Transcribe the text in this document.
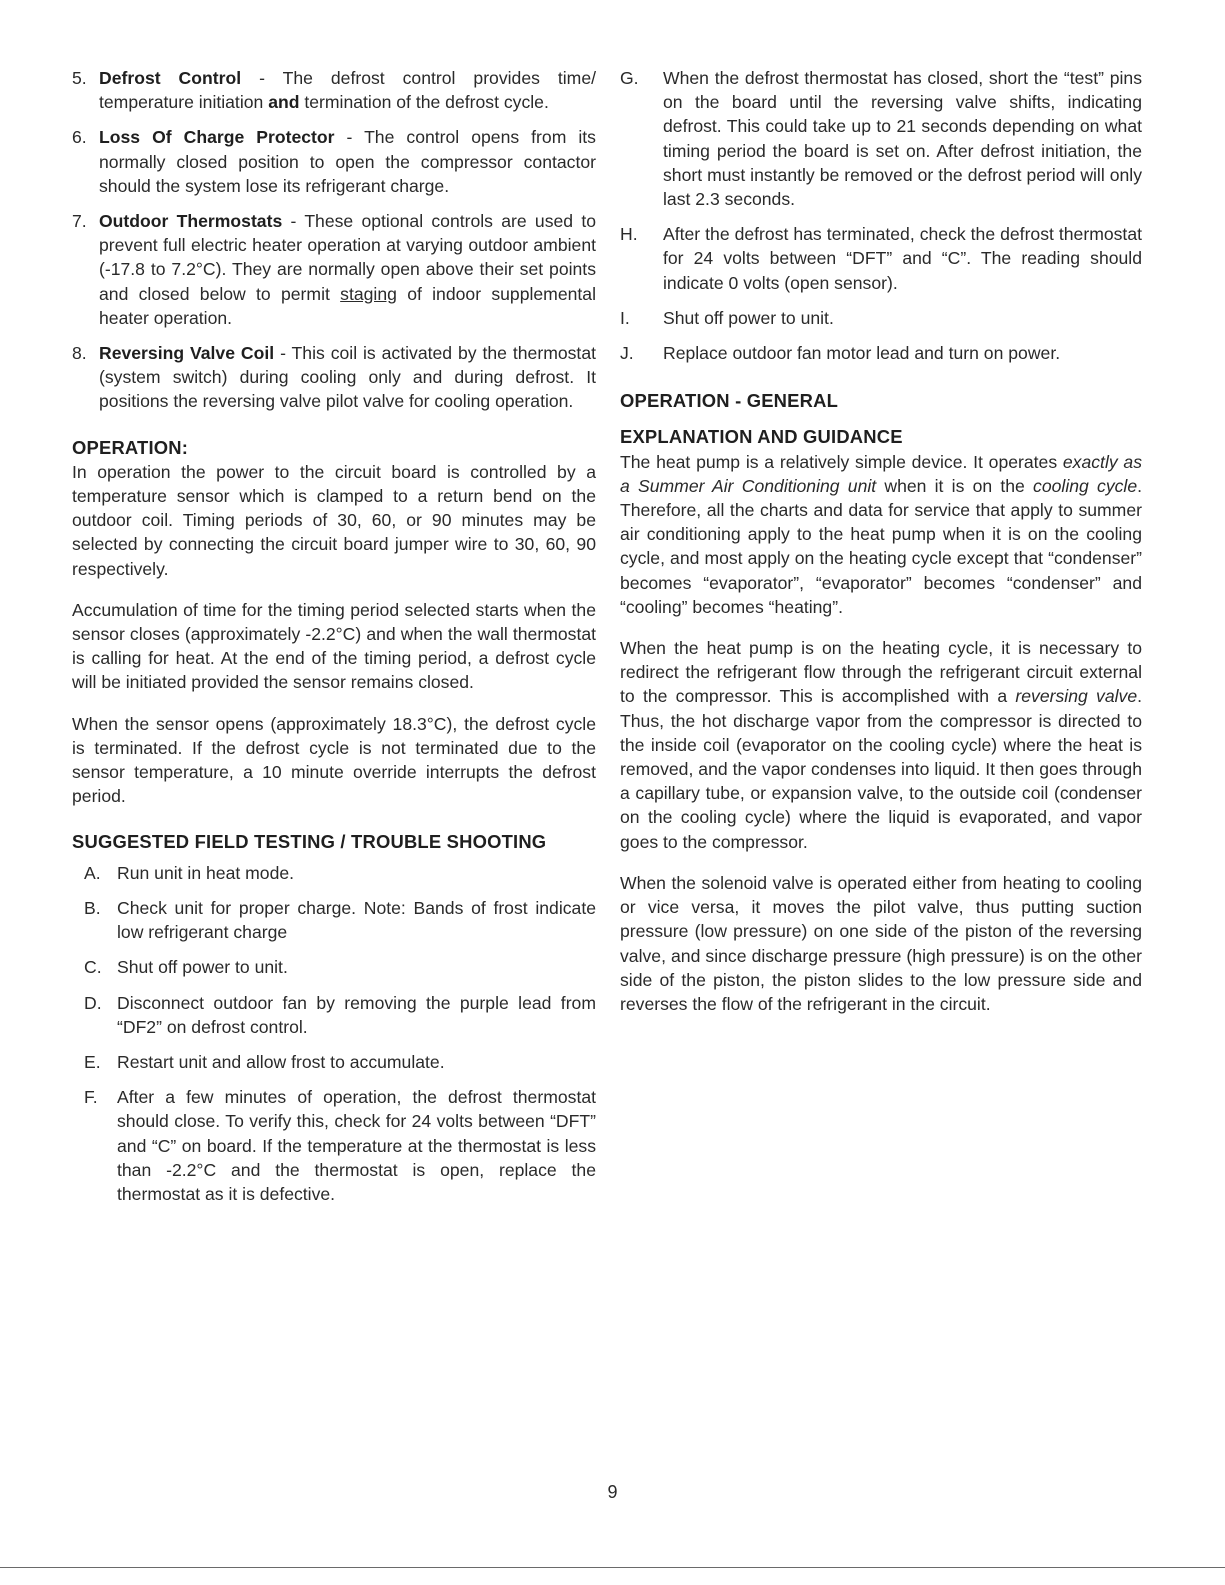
5. Defrost Control - The defrost control provides time/ temperature initiation and termination of the defrost cycle.
6. Loss Of Charge Protector - The control opens from its normally closed position to open the compressor contactor should the system lose its refrigerant charge.
7. Outdoor Thermostats - These optional controls are used to prevent full electric heater operation at varying outdoor ambient (-17.8 to 7.2°C). They are normally open above their set points and closed below to permit staging of indoor supplemental heater operation.
8. Reversing Valve Coil - This coil is activated by the thermostat (system switch) during cooling only and during defrost. It positions the reversing valve pilot valve for cooling operation.

OPERATION:

In operation the power to the circuit board is controlled by a temperature sensor which is clamped to a return bend on the outdoor coil. Timing periods of 30, 60, or 90 minutes may be selected by connecting the circuit board jumper wire to 30, 60, 90 respectively.

Accumulation of time for the timing period selected starts when the sensor closes (approximately -2.2°C) and when the wall thermostat is calling for heat. At the end of the timing period, a defrost cycle will be initiated provided the sensor remains closed.

When the sensor opens (approximately 18.3°C), the defrost cycle is terminated. If the defrost cycle is not terminated due to the sensor temperature, a 10 minute override interrupts the defrost period.

SUGGESTED FIELD TESTING / TROUBLE SHOOTING

A. Run unit in heat mode.
B. Check unit for proper charge. Note: Bands of frost indicate low refrigerant charge
C. Shut off power to unit.
D. Disconnect outdoor fan by removing the purple lead from “DF2” on defrost control.
E. Restart unit and allow frost to accumulate.
F. After a few minutes of operation, the defrost thermostat should close. To verify this, check for 24 volts between “DFT” and “C” on board. If the temperature at the thermostat is less than -2.2°C and the thermostat is open, replace the thermostat as it is defective.
G. When the defrost thermostat has closed, short the “test” pins on the board until the reversing valve shifts, indicating defrost. This could take up to 21 seconds depending on what timing period the board is set on. After defrost initiation, the short must instantly be removed or the defrost period will only last 2.3 seconds.
H. After the defrost has terminated, check the defrost thermostat for 24 volts between “DFT” and “C”. The reading should indicate 0 volts (open sensor).
I. Shut off power to unit.
J. Replace outdoor fan motor lead and turn on power.

OPERATION - GENERAL

EXPLANATION AND GUIDANCE

The heat pump is a relatively simple device. It operates exactly as a Summer Air Conditioning unit when it is on the cooling cycle. Therefore, all the charts and data for service that apply to summer air conditioning apply to the heat pump when it is on the cooling cycle, and most apply on the heating cycle except that “condenser” becomes “evaporator”, “evaporator” becomes “condenser” and “cooling” becomes “heating”.

When the heat pump is on the heating cycle, it is necessary to redirect the refrigerant flow through the refrigerant circuit external to the compressor. This is accomplished with a reversing valve. Thus, the hot discharge vapor from the compressor is directed to the inside coil (evaporator on the cooling cycle) where the heat is removed, and the vapor condenses into liquid. It then goes through a capillary tube, or expansion valve, to the outside coil (condenser on the cooling cycle) where the liquid is evaporated, and vapor goes to the compressor.

When the solenoid valve is operated either from heating to cooling or vice versa, it moves the pilot valve, thus putting suction pressure (low pressure) on one side of the piston of the reversing valve, and since discharge pressure (high pressure) is on the other side of the piston, the piston slides to the low pressure side and reverses the flow of the refrigerant in the circuit.

9
